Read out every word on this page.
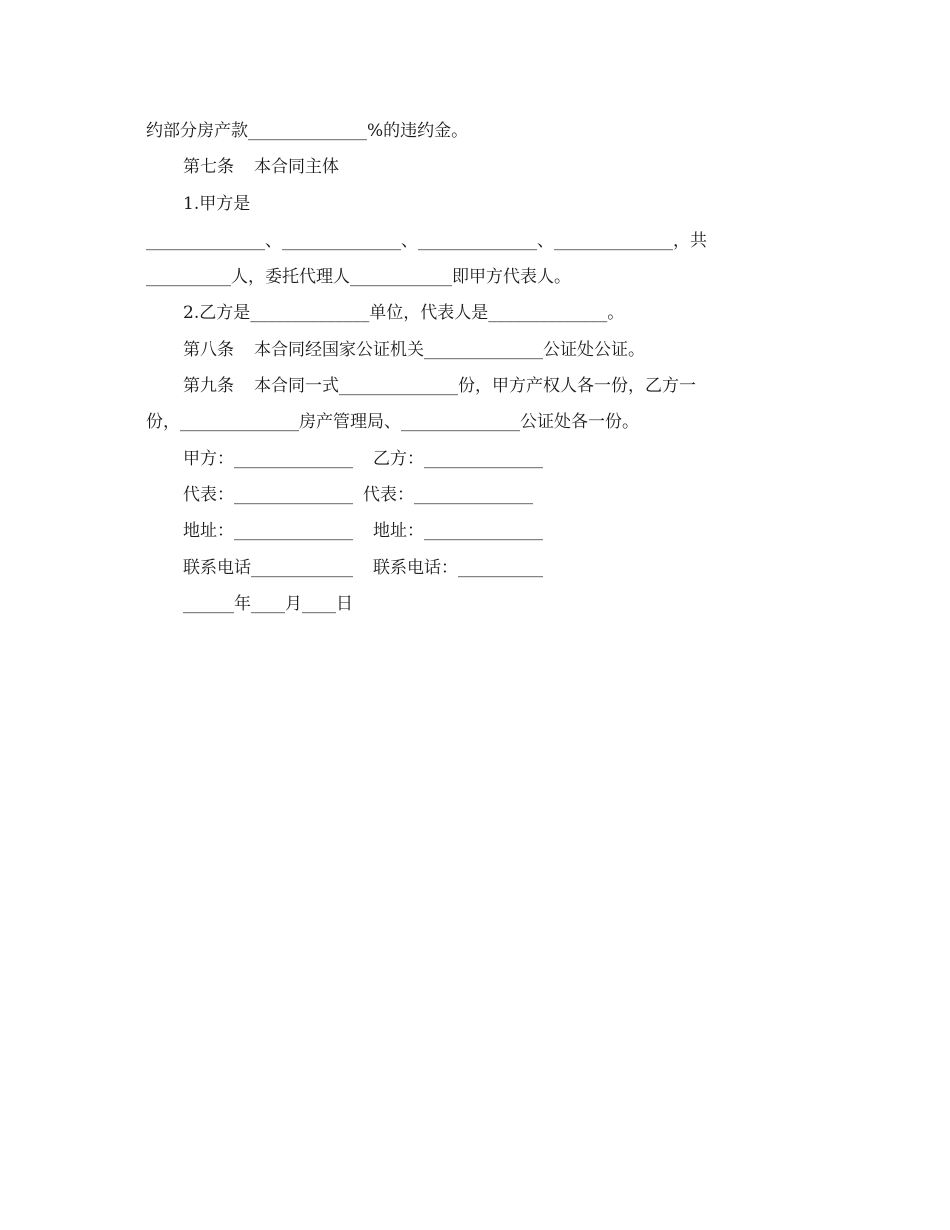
约部分房产款______________%的违约金。
第七条 本合同主体
1.甲方是
______________、______________、______________、______________，共
__________人，委托代理人____________即甲方代表人。
2.乙方是______________单位，代表人是______________。
第八条 本合同经国家公证机关______________公证处公证。
第九条 本合同一式______________份，甲方产权人各一份，乙方一
份，______________房产管理局、______________公证处各一份。
甲方：______________ 乙方：______________
代表：______________ 代表：______________
地址：______________ 地址：______________
联系电话____________ 联系电话：__________
______年____月____日
